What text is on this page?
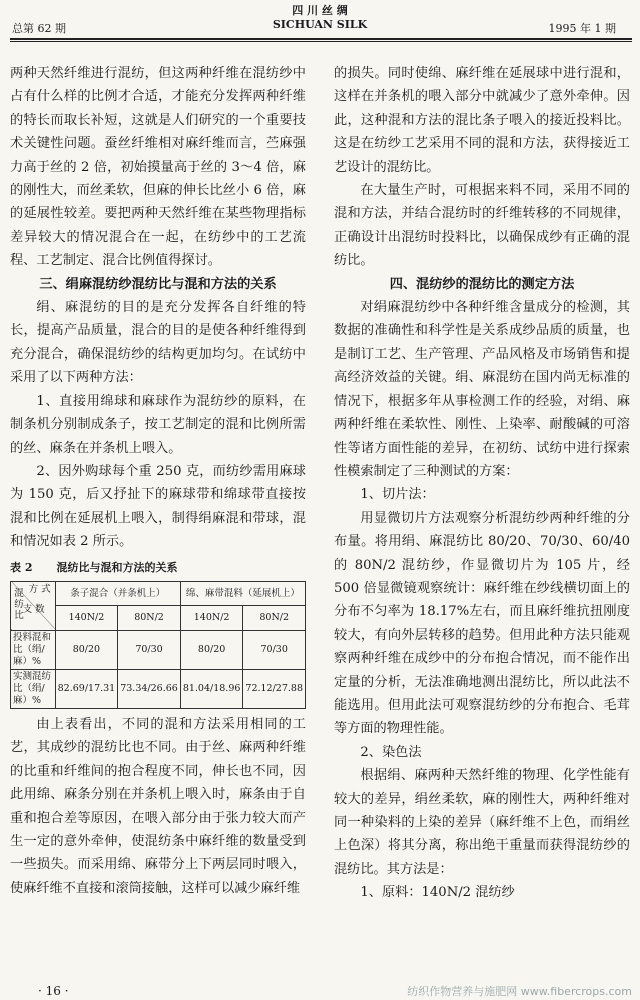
总第 62 期
四 川 丝 绸
SICHUAN SILK	1995 年 1 期

两种天然纤维进行混纺，但这两种纤维在混纺纱中占有什么样的比例才合适，才能充分发挥两种纤维的特长而取长补短，这就是人们研究的一个重要技术关键性问题。蚕丝纤维相对麻纤维而言，苎麻强力高于丝的 2 倍，初始摸量高于丝的 3～4 倍，麻的刚性大，而丝柔软，但麻的伸长比丝小 6 倍，麻的延展性较差。要把两种天然纤维在某些物理指标差异较大的情况混合在一起，在纺纱中的工艺流程、工艺制定、混合比例值得探讨。

三、绢麻混纺纱混纺比与混和方法的关系

绢、麻混纺的目的是充分发挥各自纤维的特长，提高产品质量，混合的目的是使各种纤维得到充分混合，确保混纺纱的结构更加均匀。在试纺中采用了以下两种方法：

1、直接用绵球和麻球作为混纺纱的原料，在制条机分别制成条子，按工艺制定的混和比例所需的丝、麻条在并条机上喂入。

2、因外购球每个重 250 克，而纺纱需用麻球为 150 克，后又抒扯下的麻球带和绵球带直接按混和比例在延展机上喂入，制得绢麻混和带球，混和情况如表 2 所示。

表 2 混纺比与混和方法的关系
方 式
混纺比
支 数	条子混合（并条机上）		绵、麻带混料（延展机上）	
	140N/2	80N/2	140N/2	80N/2
投料混和比（绢/麻）%	80/20	70/30	80/20	70/30
实测混纺比（绢/麻）%	82.69/17.31	73.34/26.66	81.04/18.96	72.12/27.88

由上表看出，不同的混和方法采用相同的工艺，其成纱的混纺比也不同。由于丝、麻两种纤维的比重和纤维间的抱合程度不同，伸长也不同，因此用绵、麻条分别在并条机上喂入时，麻条由于自重和抱合差等原因，在喂入部分由于张力较大而产生一定的意外牵伸，使混纺条中麻纤维的数量受到一些损失。而采用绵、麻带分上下两层同时喂入，使麻纤维不直接和滚筒接触，这样可以减少麻纤维

的损失。同时使绵、麻纤维在延展球中进行混和，这样在并条机的喂入部分中就减少了意外牵伸。因此，这种混和方法的混比条子喂入的接近投料比。这是在纺纱工艺采用不同的混和方法，获得接近工艺设计的混纺比。

在大量生产时，可根据来料不同，采用不同的混和方法，并结合混纺时的纤维转移的不同规律，正确设计出混纺时投料比，以确保成纱有正确的混纺比。

四、混纺纱的混纺比的测定方法

对绢麻混纺纱中各种纤维含量成分的检测，其数据的准确性和科学性是关系成纱品质的质量，也是制订工艺、生产管理、产品风格及市场销售和提高经济效益的关键。绢、麻混纺在国内尚无标准的情况下，根据多年从事检测工作的经验，对绢、麻两种纤维在柔软性、刚性、上染率、耐酸碱的可溶性等诸方面性能的差异，在初纺、试纺中进行探索性模索制定了三种测试的方案：

1、切片法：

用显微切片方法观察分析混纺纱两种纤维的分布量。将用绢、麻混纺比 80/20、70/30、60/40 的 80N/2 混纺纱，作显微切片为 105 片，经 500 倍显微镜观察统计：麻纤维在纱线横切面上的分布不匀率为 18.17%左右，而且麻纤维抗扭刚度较大，有向外层转移的趋势。但用此种方法只能观察两种纤维在成纱中的分布抱合情况，而不能作出定量的分析，无法准确地测出混纺比，所以此法不能选用。但用此法可观察混纺纱的分布抱合、毛茸等方面的物理性能。

2、染色法

根据绢、麻两种天然纤维的物理、化学性能有较大的差异，绢丝柔软，麻的刚性大，两种纤维对同一种染料的上染的差异（麻纤维不上色，而绢丝上色深）将其分离，称出绝干重量而获得混纺纱的混纺比。其方法是：

1、原料：140N/2 混纺纱

· 16 ·	纺织作物营养与施肥网 www.fibercrops.com
